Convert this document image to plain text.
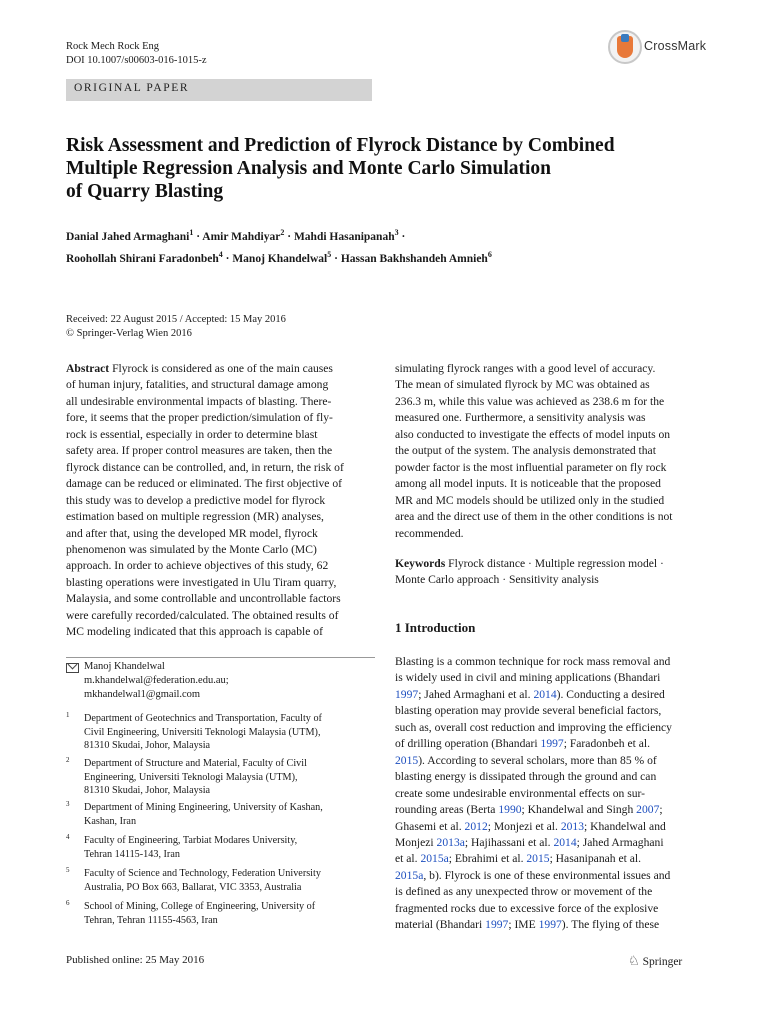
Rock Mech Rock Eng
DOI 10.1007/s00603-016-1015-z
CrossMark
ORIGINAL PAPER
Risk Assessment and Prediction of Flyrock Distance by Combined
Multiple Regression Analysis and Monte Carlo Simulation
of Quarry Blasting
Danial Jahed Armaghani$^1$ · Amir Mahdiyar$^2$ · Mahdi Hasanipanah$^3$ ·
Roohollah Shirani Faradonbeh$^4$ · Manoj Khandelwal$^5$ · Hassan Bakhshandeh Amnieh$^6$
Received: 22 August 2015 / Accepted: 15 May 2016
© Springer-Verlag Wien 2016
Abstract Flyrock is considered as one of the main causes
of human injury, fatalities, and structural damage among
all undesirable environmental impacts of blasting. There-
fore, it seems that the proper prediction/simulation of fly-
rock is essential, especially in order to determine blast
safety area. If proper control measures are taken, then the
flyrock distance can be controlled, and, in return, the risk of
damage can be reduced or eliminated. The first objective of
this study was to develop a predictive model for flyrock
estimation based on multiple regression (MR) analyses,
and after that, using the developed MR model, flyrock
phenomenon was simulated by the Monte Carlo (MC)
approach. In order to achieve objectives of this study, 62
blasting operations were investigated in Ulu Tiram quarry,
Malaysia, and some controllable and uncontrollable factors
were carefully recorded/calculated. The obtained results of
MC modeling indicated that this approach is capable of
simulating flyrock ranges with a good level of accuracy.
The mean of simulated flyrock by MC was obtained as
236.3 m, while this value was achieved as 238.6 m for the
measured one. Furthermore, a sensitivity analysis was
also conducted to investigate the effects of model inputs on
the output of the system. The analysis demonstrated that
powder factor is the most influential parameter on fly rock
among all model inputs. It is noticeable that the proposed
MR and MC models should be utilized only in the studied
area and the direct use of them in the other conditions is not
recommended.
Keywords Flyrock distance · Multiple regression model ·
Monte Carlo approach · Sensitivity analysis
1 Introduction
Blasting is a common technique for rock mass removal and
is widely used in civil and mining applications (Bhandari
1997; Jahed Armaghani et al. 2014). Conducting a desired
blasting operation may provide several beneficial factors,
such as, overall cost reduction and improving the efficiency
of drilling operation (Bhandari 1997; Faradonbeh et al.
2015). According to several scholars, more than 85 % of
blasting energy is dissipated through the ground and can
create some undesirable environmental effects on sur-
rounding areas (Berta 1990; Khandelwal and Singh 2007;
Ghasemi et al. 2012; Monjezi et al. 2013; Khandelwal and
Monjezi 2013a; Hajihassani et al. 2014; Jahed Armaghani
et al. 2015a; Ebrahimi et al. 2015; Hasanipanah et al.
2015a, b). Flyrock is one of these environmental issues and
is defined as any unexpected throw or movement of the
fragmented rocks due to excessive force of the explosive
material (Bhandari 1997; IME 1997). The flying of these
Manoj Khandelwal
m.khandelwal@federation.edu.au;
mkhandelwal1@gmail.com
1 Department of Geotechnics and Transportation, Faculty of
Civil Engineering, Universiti Teknologi Malaysia (UTM),
81310 Skudai, Johor, Malaysia
2 Department of Structure and Material, Faculty of Civil
Engineering, Universiti Teknologi Malaysia (UTM),
81310 Skudai, Johor, Malaysia
3 Department of Mining Engineering, University of Kashan,
Kashan, Iran
4 Faculty of Engineering, Tarbiat Modares University,
Tehran 14115-143, Iran
5 Faculty of Science and Technology, Federation University
Australia, PO Box 663, Ballarat, VIC 3353, Australia
6 School of Mining, College of Engineering, University of
Tehran, Tehran 11155-4563, Iran
Published online: 25 May 2016	♘ Springer
